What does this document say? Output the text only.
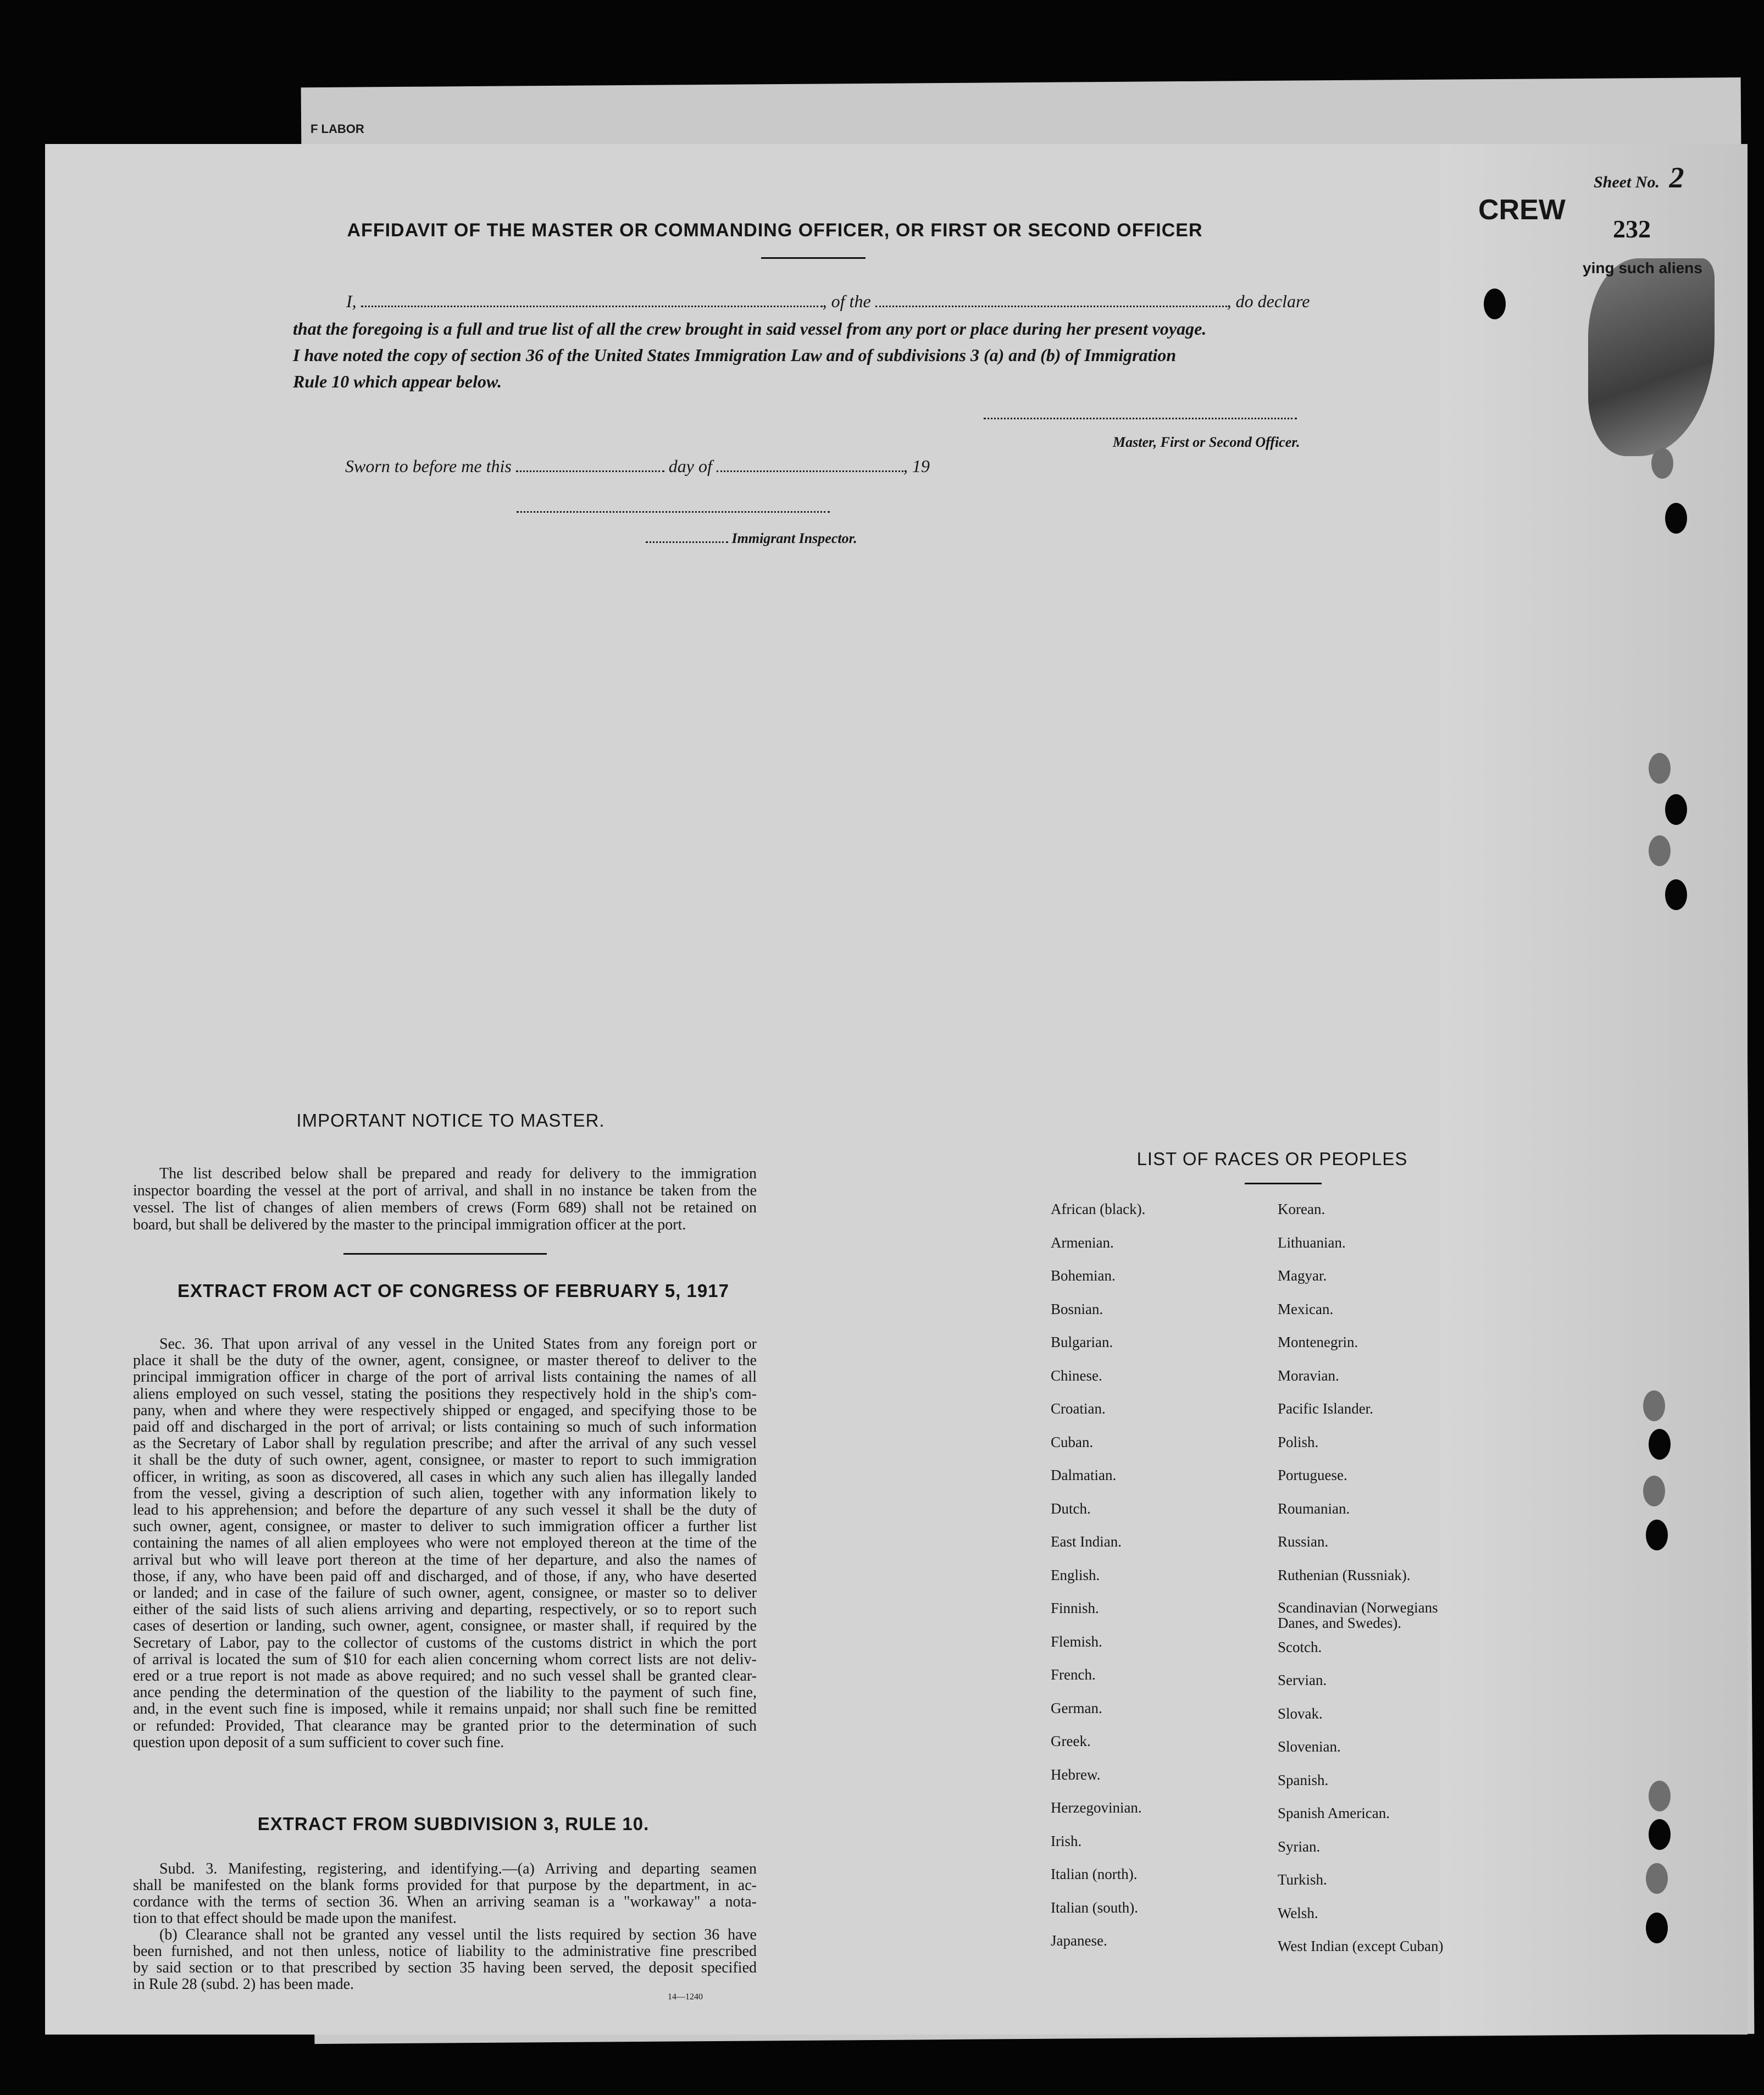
F LABOR
Sheet No. 2
CREW
232
ying such aliens
AFFIDAVIT OF THE MASTER OR COMMANDING OFFICER, OR FIRST OR SECOND OFFICER
I,	, of the	, do declare
that the foregoing is a full and true list of all the crew brought in said vessel from any port or place during her present voyage.
I have noted the copy of section 36 of the United States Immigration Law and of subdivisions 3 (a) and (b) of Immigration
Rule 10 which appear below.
Master, First or Second Officer.
Sworn to before me this	day of	, 19
Immigrant Inspector.
IMPORTANT NOTICE TO MASTER.
The list described below shall be prepared and ready for delivery to the immigration
inspector boarding the vessel at the port of arrival, and shall in no instance be taken from the
vessel. The list of changes of alien members of crews (Form 689) shall not be retained on
board, but shall be delivered by the master to the principal immigration officer at the port.
EXTRACT FROM ACT OF CONGRESS OF FEBRUARY 5, 1917
Sec. 36. That upon arrival of any vessel in the United States from any foreign port or
place it shall be the duty of the owner, agent, consignee, or master thereof to deliver to the
principal immigration officer in charge of the port of arrival lists containing the names of all
aliens employed on such vessel, stating the positions they respectively hold in the ship's com-
pany, when and where they were respectively shipped or engaged, and specifying those to be
paid off and discharged in the port of arrival; or lists containing so much of such information
as the Secretary of Labor shall by regulation prescribe; and after the arrival of any such vessel
it shall be the duty of such owner, agent, consignee, or master to report to such immigration
officer, in writing, as soon as discovered, all cases in which any such alien has illegally landed
from the vessel, giving a description of such alien, together with any information likely to
lead to his apprehension; and before the departure of any such vessel it shall be the duty of
such owner, agent, consignee, or master to deliver to such immigration officer a further list
containing the names of all alien employees who were not employed thereon at the time of the
arrival but who will leave port thereon at the time of her departure, and also the names of
those, if any, who have been paid off and discharged, and of those, if any, who have deserted
or landed; and in case of the failure of such owner, agent, consignee, or master so to deliver
either of the said lists of such aliens arriving and departing, respectively, or so to report such
cases of desertion or landing, such owner, agent, consignee, or master shall, if required by the
Secretary of Labor, pay to the collector of customs of the customs district in which the port
of arrival is located the sum of $10 for each alien concerning whom correct lists are not deliv-
ered or a true report is not made as above required; and no such vessel shall be granted clear-
ance pending the determination of the question of the liability to the payment of such fine,
and, in the event such fine is imposed, while it remains unpaid; nor shall such fine be remitted
or refunded: Provided, That clearance may be granted prior to the determination of such
question upon deposit of a sum sufficient to cover such fine.
EXTRACT FROM SUBDIVISION 3, RULE 10.
Subd. 3. Manifesting, registering, and identifying.—(a) Arriving and departing seamen
shall be manifested on the blank forms provided for that purpose by the department, in ac-
cordance with the terms of section 36. When an arriving seaman is a "workaway" a nota-
tion to that effect should be made upon the manifest.
(b) Clearance shall not be granted any vessel until the lists required by section 36 have
been furnished, and not then unless, notice of liability to the administrative fine prescribed
by said section or to that prescribed by section 35 having been served, the deposit specified
in Rule 28 (subd. 2) has been made.
14—1240
LIST OF RACES OR PEOPLES
African (black).
Armenian.
Bohemian.
Bosnian.
Bulgarian.
Chinese.
Croatian.
Cuban.
Dalmatian.
Dutch.
East Indian.
English.
Finnish.
Flemish.
French.
German.
Greek.
Hebrew.
Herzegovinian.
Irish.
Italian (north).
Italian (south).
Japanese.
Korean.
Lithuanian.
Magyar.
Mexican.
Montenegrin.
Moravian.
Pacific Islander.
Polish.
Portuguese.
Roumanian.
Russian.
Ruthenian (Russniak).
Scandinavian (Norwegians Danes, and Swedes).
Scotch.
Servian.
Slovak.
Slovenian.
Spanish.
Spanish American.
Syrian.
Turkish.
Welsh.
West Indian (except Cuban)
